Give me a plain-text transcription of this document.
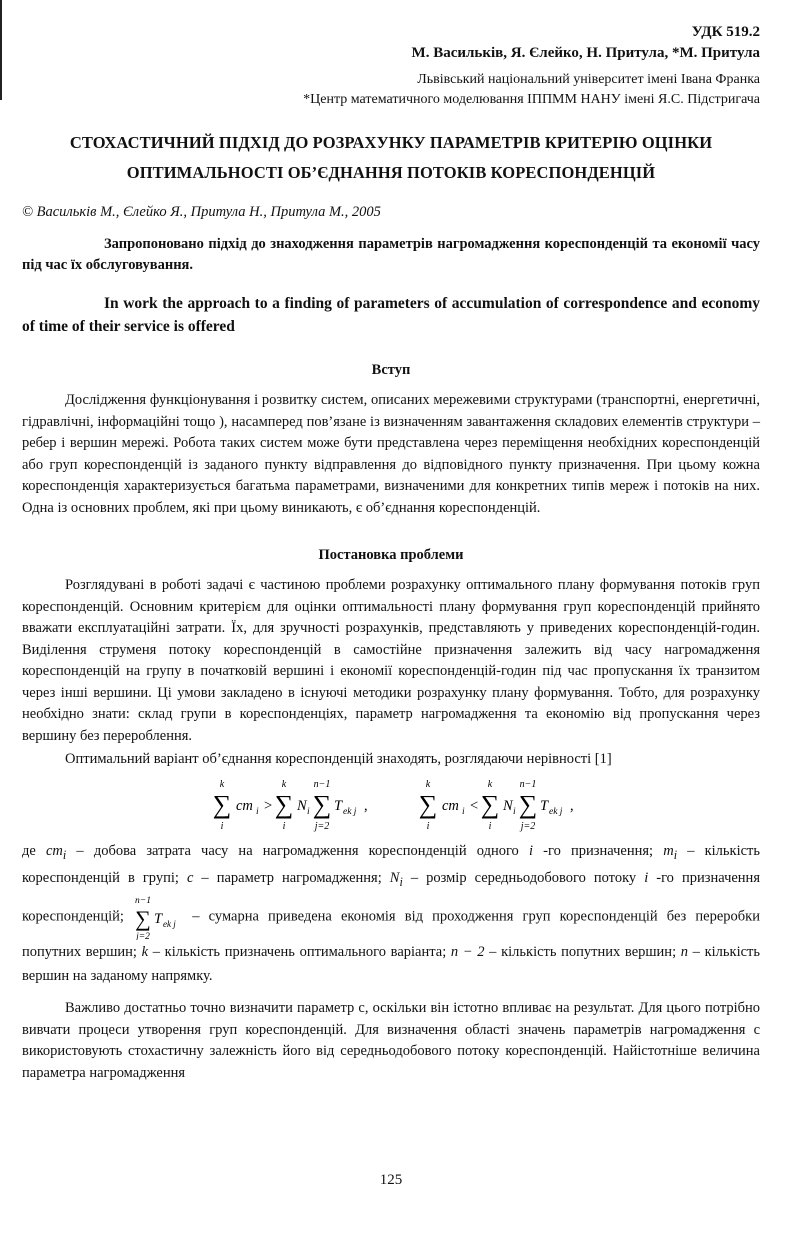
УДК 519.2
М. Васильків, Я. Єлейко, Н. Притула, *М. Притула
Львівський національний університет імені Івана Франка
*Центр математичного моделювання ІППММ НАНУ імені Я.С. Підстригача
СТОХАСТИЧНИЙ ПІДХІД ДО РОЗРАХУНКУ ПАРАМЕТРІВ КРИТЕРІЮ ОЦІНКИ
ОПТИМАЛЬНОСТІ ОБ’ЄДНАННЯ ПОТОКІВ КОРЕСПОНДЕНЦІЙ
© Васильків М., Єлейко Я., Притула Н., Притула М., 2005
Запропоновано підхід до знаходження параметрів нагромадження кореспонденцій та економії часу під час їх обслуговування.
In work the approach to a finding of parameters of accumulation of correspondence and economy of time of their service is offered
Вступ
Дослідження функціонування і розвитку систем, описаних мережевими структурами (транспортні, енергетичні, гідравлічні, інформаційні тощо ), насамперед пов’язане із визначенням завантаження складових елементів структури – ребер і вершин мережі. Робота таких систем може бути представлена через переміщення необхідних кореспонденцій або груп кореспонденцій із заданого пункту відправлення до відповідного пункту призначення. При цьому кожна кореспонденція характеризується багатьма параметрами, визначеними для конкретних типів мереж і потоків на них. Одна із основних проблем, які при цьому виникають, є об’єднання кореспонденцій.
Постановка проблеми
Розглядувані в роботі задачі є частиною проблеми розрахунку оптимального плану формування потоків груп кореспонденцій. Основним критерієм для оцінки оптимальності плану формування груп кореспонденцій прийнято вважати експлуатаційні затрати. Їх, для зручності розрахунків, представляють у приведених кореспонденцій-годин. Виділення струменя потоку кореспонденцій в самостійне призначення залежить від часу нагромадження кореспонденцій на групу в початковій вершині і економії кореспонденцій-годин під час пропускання їх транзитом через інші вершини. Ці умови закладено в існуючі методики розрахунку плану формування. Тобто, для розрахунку необхідно знати: склад групи в кореспонденціях, параметр нагромадження та економію від пропускання через вершину без перероблення.
Оптимальний варіант об’єднання кореспонденцій знаходять, розглядаючи нерівності [1]
k
∑
i
cm i >
k
∑
i
N i
n−1
∑
j=2
T ek j ,
k
∑
i
cm i <
k
∑
i
N i
n−1
∑
j=2
T ek j ,
де $cm_i$ – добова затрата часу на нагромадження кореспонденцій одного i -го призначення; $m_i$ – кількість кореспонденцій в групі; c – параметр нагромадження; $N_i$ – розмір середньодобового потоку i -го призначення кореспонденцій;
n−1
∑
j=2
T ek j – сумарна приведена економія від проходження груп кореспонденцій без переробки попутних вершин; k – кількість призначень оптимального варіанта; n − 2 – кількість попутних вершин; n – кількість вершин на заданому напрямку.
Важливо достатньо точно визначити параметр c, оскільки він істотно впливає на результат. Для цього потрібно вивчати процеси утворення груп кореспонденцій. Для визначення області значень параметрів нагромадження c використовують стохастичну залежність його від середньодобового потоку кореспонденцій. Найістотніше величина параметра нагромадження
125
